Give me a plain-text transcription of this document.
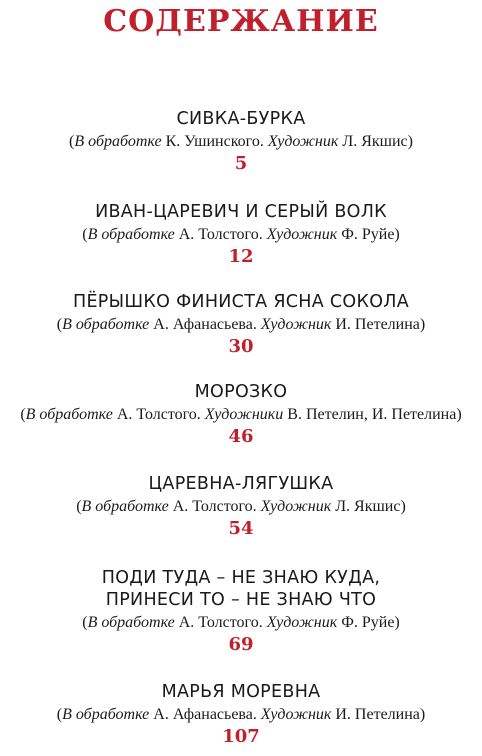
СОДЕРЖАНИЕ

СИВКА-БУРКА

(В обработке К. Ушинского. Художник Л. Якшис)

5

ИВАН-ЦАРЕВИЧ И СЕРЫЙ ВОЛК

(В обработке А. Толстого. Художник Ф. Руйе)

12

ПЁРЫШКО ФИНИСТА ЯСНА СОКОЛА

(В обработке А. Афанасьева. Художник И. Петелина)

30

МОРОЗКО

(В обработке А. Толстого. Художники В. Петелин, И. Петелина)

46

ЦАРЕВНА-ЛЯГУШКА

(В обработке А. Толстого. Художник Л. Якшис)

54

ПОДИ ТУДА – НЕ ЗНАЮ КУДА,

ПРИНЕСИ ТО – НЕ ЗНАЮ ЧТО

(В обработке А. Толстого. Художник Ф. Руйе)

69

МАРЬЯ МОРЕВНА

(В обработке А. Афанасьева. Художник И. Петелина)

107
